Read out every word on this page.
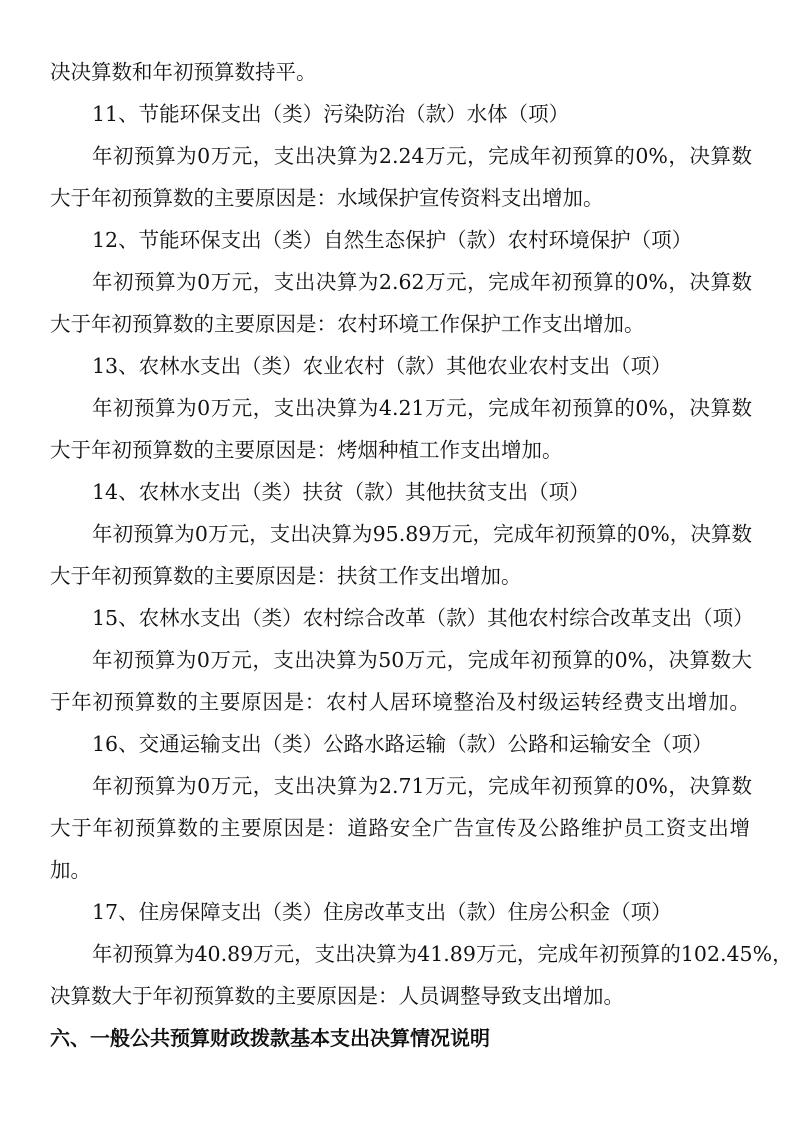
决决算数和年初预算数持平。
11、节能环保支出（类）污染防治（款）水体（项）
年初预算为0万元，支出决算为2.24万元，完成年初预算的0%，决算数
大于年初预算数的主要原因是：水域保护宣传资料支出增加。
12、节能环保支出（类）自然生态保护（款）农村环境保护（项）
年初预算为0万元，支出决算为2.62万元，完成年初预算的0%，决算数
大于年初预算数的主要原因是：农村环境工作保护工作支出增加。
13、农林水支出（类）农业农村（款）其他农业农村支出（项）
年初预算为0万元，支出决算为4.21万元，完成年初预算的0%，决算数
大于年初预算数的主要原因是：烤烟种植工作支出增加。
14、农林水支出（类）扶贫（款）其他扶贫支出（项）
年初预算为0万元，支出决算为95.89万元，完成年初预算的0%，决算数
大于年初预算数的主要原因是：扶贫工作支出增加。
15、农林水支出（类）农村综合改革（款）其他农村综合改革支出（项）
年初预算为0万元，支出决算为50万元，完成年初预算的0%，决算数大
于年初预算数的主要原因是：农村人居环境整治及村级运转经费支出增加。
16、交通运输支出（类）公路水路运输（款）公路和运输安全（项）
年初预算为0万元，支出决算为2.71万元，完成年初预算的0%，决算数
大于年初预算数的主要原因是：道路安全广告宣传及公路维护员工资支出增
加。
17、住房保障支出（类）住房改革支出（款）住房公积金（项）
年初预算为40.89万元，支出决算为41.89万元，完成年初预算的102.45%，
决算数大于年初预算数的主要原因是：人员调整导致支出增加。
六、一般公共预算财政拨款基本支出决算情况说明
